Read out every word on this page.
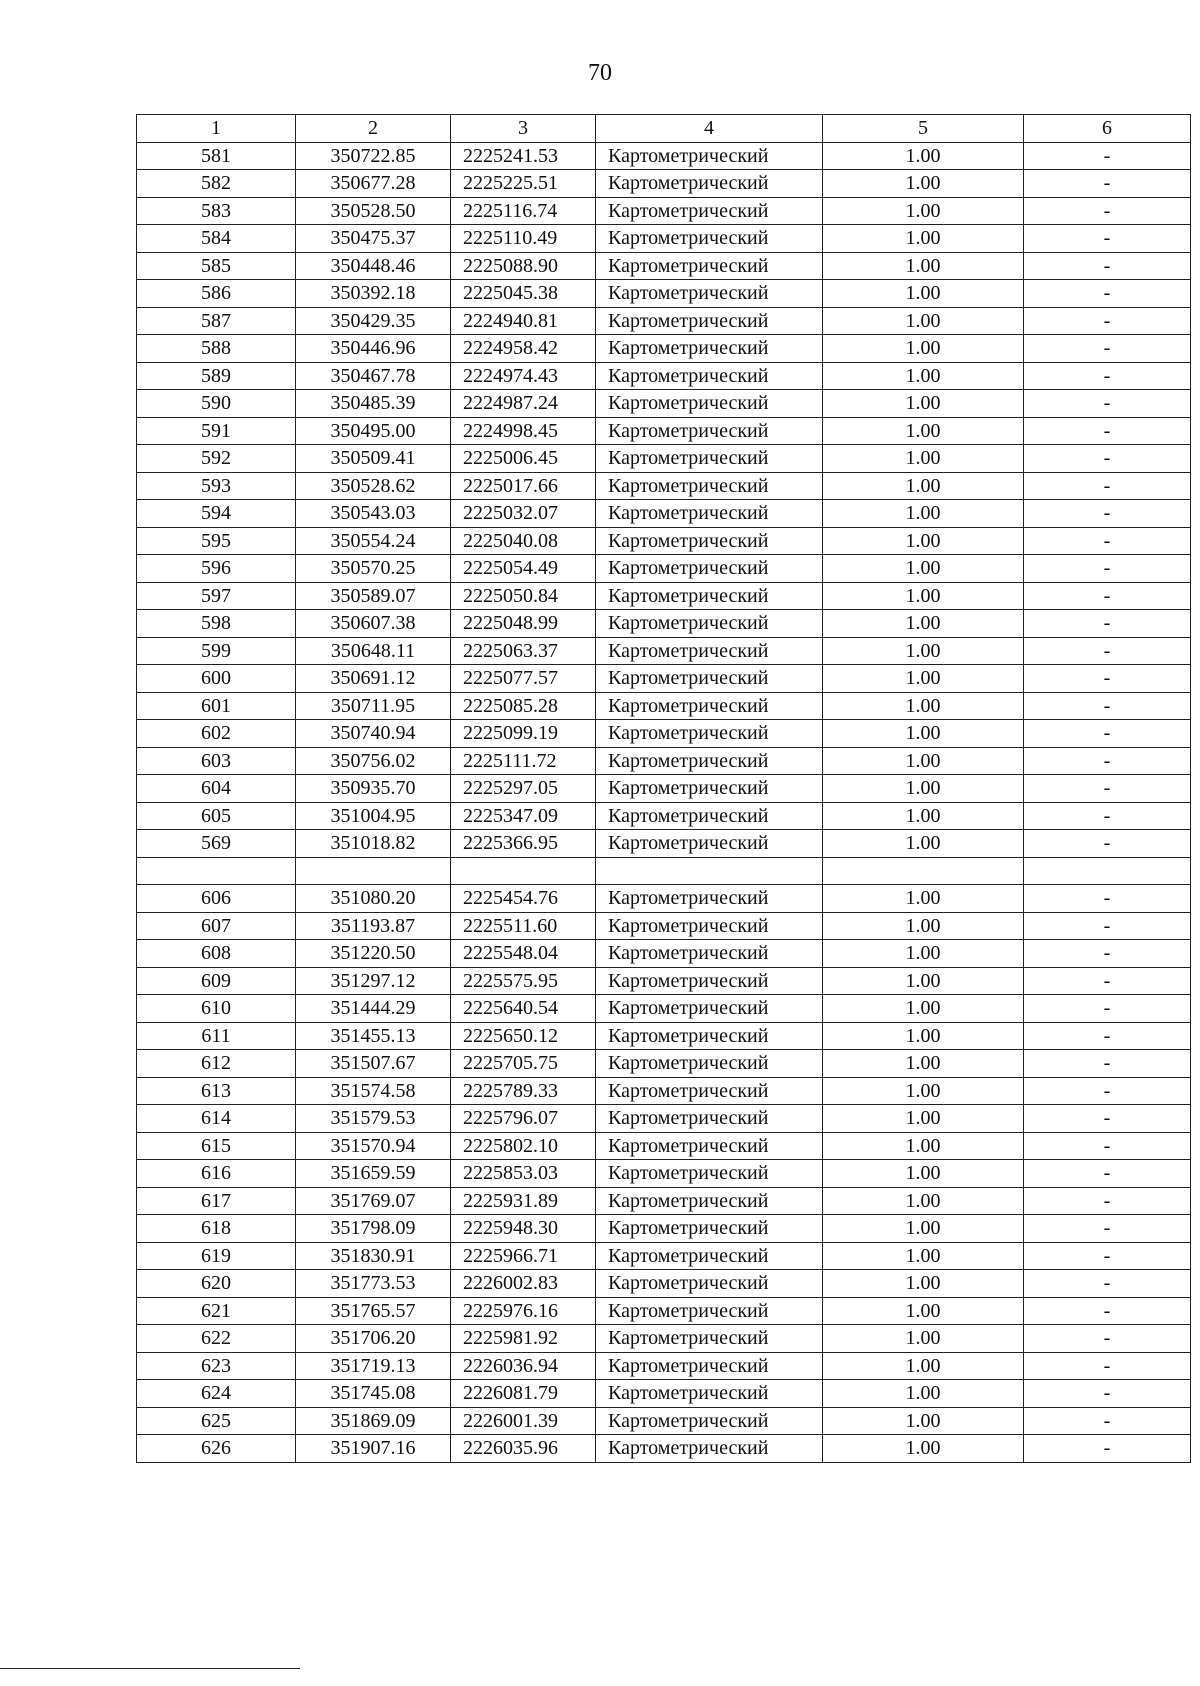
70
1	2	3	4	5	6
581	350722.85	2225241.53	Картометрический	1.00	-
582	350677.28	2225225.51	Картометрический	1.00	-
583	350528.50	2225116.74	Картометрический	1.00	-
584	350475.37	2225110.49	Картометрический	1.00	-
585	350448.46	2225088.90	Картометрический	1.00	-
586	350392.18	2225045.38	Картометрический	1.00	-
587	350429.35	2224940.81	Картометрический	1.00	-
588	350446.96	2224958.42	Картометрический	1.00	-
589	350467.78	2224974.43	Картометрический	1.00	-
590	350485.39	2224987.24	Картометрический	1.00	-
591	350495.00	2224998.45	Картометрический	1.00	-
592	350509.41	2225006.45	Картометрический	1.00	-
593	350528.62	2225017.66	Картометрический	1.00	-
594	350543.03	2225032.07	Картометрический	1.00	-
595	350554.24	2225040.08	Картометрический	1.00	-
596	350570.25	2225054.49	Картометрический	1.00	-
597	350589.07	2225050.84	Картометрический	1.00	-
598	350607.38	2225048.99	Картометрический	1.00	-
599	350648.11	2225063.37	Картометрический	1.00	-
600	350691.12	2225077.57	Картометрический	1.00	-
601	350711.95	2225085.28	Картометрический	1.00	-
602	350740.94	2225099.19	Картометрический	1.00	-
603	350756.02	2225111.72	Картометрический	1.00	-
604	350935.70	2225297.05	Картометрический	1.00	-
605	351004.95	2225347.09	Картометрический	1.00	-
569	351018.82	2225366.95	Картометрический	1.00	-

606	351080.20	2225454.76	Картометрический	1.00	-
607	351193.87	2225511.60	Картометрический	1.00	-
608	351220.50	2225548.04	Картометрический	1.00	-
609	351297.12	2225575.95	Картометрический	1.00	-
610	351444.29	2225640.54	Картометрический	1.00	-
611	351455.13	2225650.12	Картометрический	1.00	-
612	351507.67	2225705.75	Картометрический	1.00	-
613	351574.58	2225789.33	Картометрический	1.00	-
614	351579.53	2225796.07	Картометрический	1.00	-
615	351570.94	2225802.10	Картометрический	1.00	-
616	351659.59	2225853.03	Картометрический	1.00	-
617	351769.07	2225931.89	Картометрический	1.00	-
618	351798.09	2225948.30	Картометрический	1.00	-
619	351830.91	2225966.71	Картометрический	1.00	-
620	351773.53	2226002.83	Картометрический	1.00	-
621	351765.57	2225976.16	Картометрический	1.00	-
622	351706.20	2225981.92	Картометрический	1.00	-
623	351719.13	2226036.94	Картометрический	1.00	-
624	351745.08	2226081.79	Картометрический	1.00	-
625	351869.09	2226001.39	Картометрический	1.00	-
626	351907.16	2226035.96	Картометрический	1.00	-
